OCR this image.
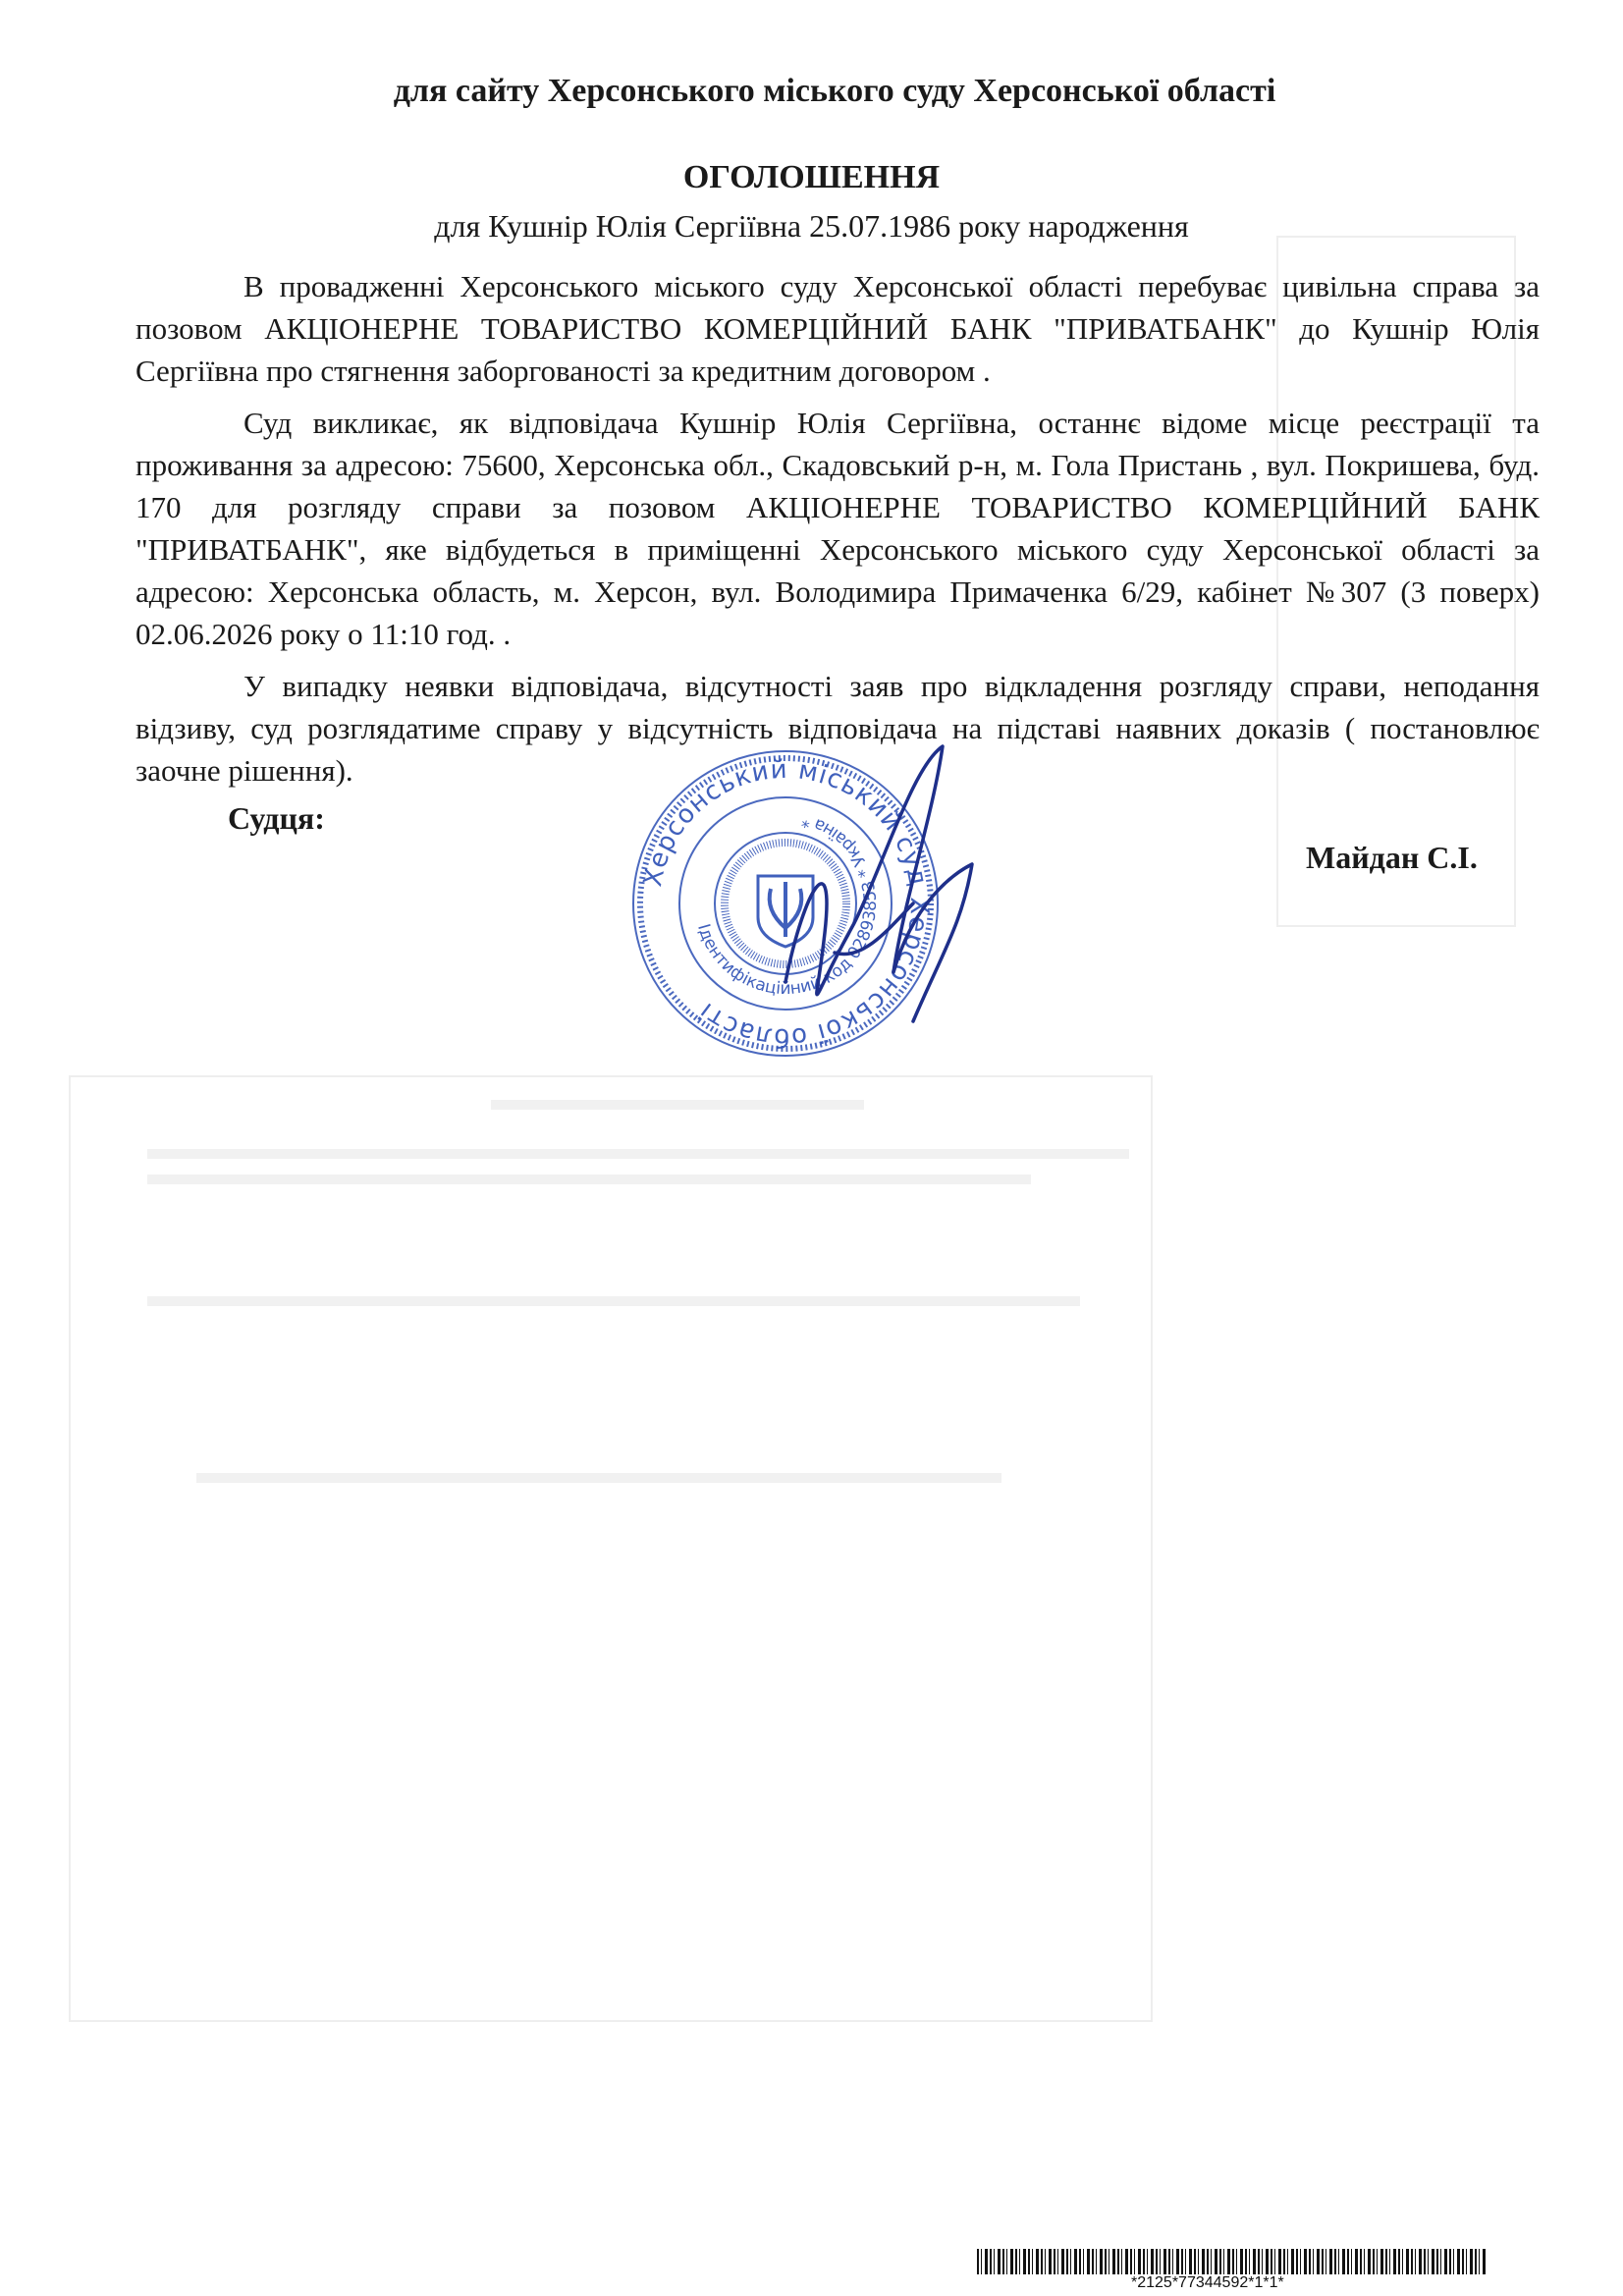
для сайту Херсонського міського суду Херсонської області
ОГОЛОШЕННЯ
для Кушнір Юлія Сергіївна 25.07.1986 року народження

В провадженні Херсонського міського суду Херсонської області перебуває цивільна справа за позовом АКЦІОНЕРНЕ ТОВАРИСТВО КОМЕРЦІЙНИЙ БАНК "ПРИВАТБАНК" до Кушнір Юлія Сергіївна про стягнення заборгованості за кредитним договором .

Суд викликає, як відповідача Кушнір Юлія Сергіївна, останнє відоме місце реєстрації та проживання за адресою: 75600, Херсонська обл., Скадовський р-н, м. Гола Пристань , вул. Покришева, буд. 170 для розгляду справи за позовом АКЦІОНЕРНЕ ТОВАРИСТВО КОМЕРЦІЙНИЙ БАНК "ПРИВАТБАНК", яке відбудеться в приміщенні Херсонського міського суду Херсонської області за адресою: Херсонська область, м. Херсон, вул. Володимира Примаченка 6/29, кабінет №307 (3 поверх) 02.06.2026 року о 11:10 год. .

У випадку неявки відповідача, відсутності заяв про відкладення розгляду справи, неподання відзиву, суд розглядатиме справу у відсутність відповідача на підставі наявних доказів ( постановлює заочне рішення).

Судця:
Майдан С.І.
Херсонський міський суд Херсонської області
Ідентифікаційний код 02893853 * Україна *
*2125*77344592*1*1*
